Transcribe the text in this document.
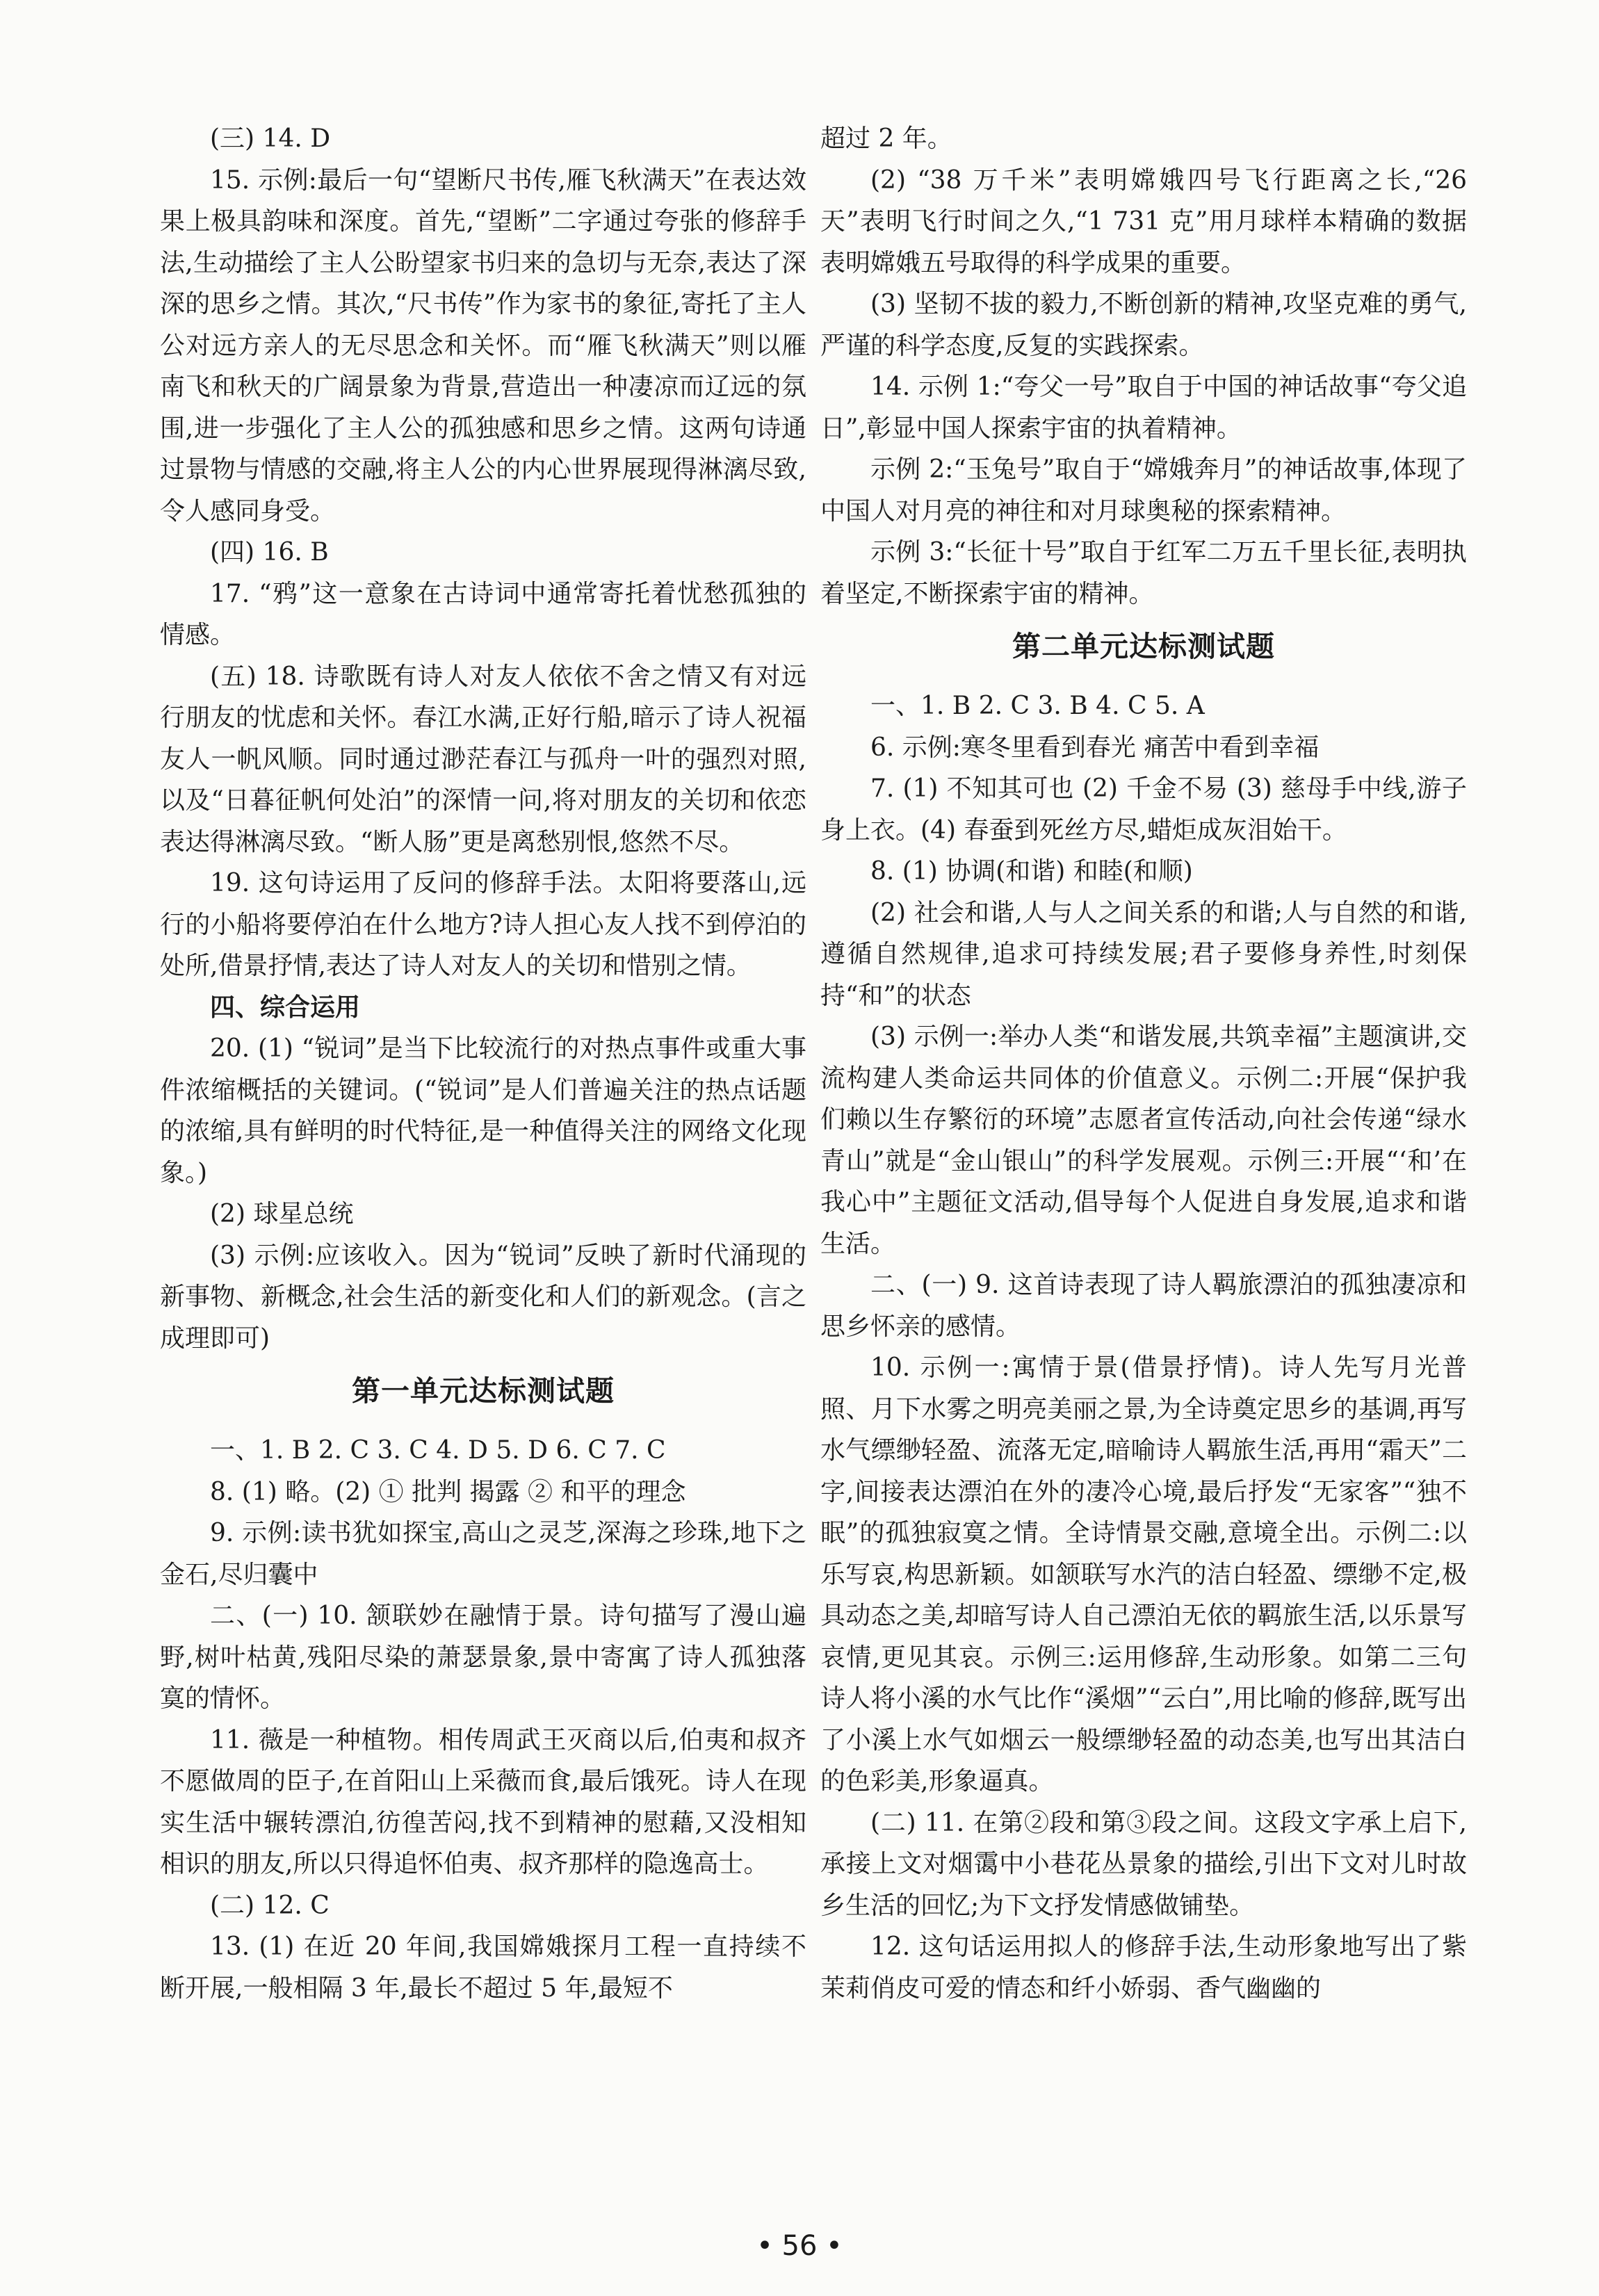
(三) 14. D

15. 示例:最后一句“望断尺书传,雁飞秋满天”在表达效果上极具韵味和深度。首先,“望断”二字通过夸张的修辞手法,生动描绘了主人公盼望家书归来的急切与无奈,表达了深深的思乡之情。其次,“尺书传”作为家书的象征,寄托了主人公对远方亲人的无尽思念和关怀。而“雁飞秋满天”则以雁南飞和秋天的广阔景象为背景,营造出一种凄凉而辽远的氛围,进一步强化了主人公的孤独感和思乡之情。这两句诗通过景物与情感的交融,将主人公的内心世界展现得淋漓尽致,令人感同身受。

(四) 16. B

17. “鸦”这一意象在古诗词中通常寄托着忧愁孤独的情感。

(五) 18. 诗歌既有诗人对友人依依不舍之情又有对远行朋友的忧虑和关怀。春江水满,正好行船,暗示了诗人祝福友人一帆风顺。同时通过渺茫春江与孤舟一叶的强烈对照,以及“日暮征帆何处泊”的深情一问,将对朋友的关切和依恋表达得淋漓尽致。“断人肠”更是离愁别恨,悠然不尽。

19. 这句诗运用了反问的修辞手法。太阳将要落山,远行的小船将要停泊在什么地方?诗人担心友人找不到停泊的处所,借景抒情,表达了诗人对友人的关切和惜别之情。

四、综合运用

20. (1) “锐词”是当下比较流行的对热点事件或重大事件浓缩概括的关键词。(“锐词”是人们普遍关注的热点话题的浓缩,具有鲜明的时代特征,是一种值得关注的网络文化现象。)

(2) 球星总统

(3) 示例:应该收入。因为“锐词”反映了新时代涌现的新事物、新概念,社会生活的新变化和人们的新观念。(言之成理即可)

第一单元达标测试题

一、1. B 2. C 3. C 4. D 5. D 6. C 7. C

8. (1) 略。(2) ① 批判 揭露 ② 和平的理念

9. 示例:读书犹如探宝,高山之灵芝,深海之珍珠,地下之金石,尽归囊中

二、(一) 10. 颔联妙在融情于景。诗句描写了漫山遍野,树叶枯黄,残阳尽染的萧瑟景象,景中寄寓了诗人孤独落寞的情怀。

11. 薇是一种植物。相传周武王灭商以后,伯夷和叔齐不愿做周的臣子,在首阳山上采薇而食,最后饿死。诗人在现实生活中辗转漂泊,彷徨苦闷,找不到精神的慰藉,又没相知相识的朋友,所以只得追怀伯夷、叔齐那样的隐逸高士。

(二) 12. C

13. (1) 在近 20 年间,我国嫦娥探月工程一直持续不断开展,一般相隔 3 年,最长不超过 5 年,最短不

超过 2 年。

(2) “38 万千米”表明嫦娥四号飞行距离之长,“26 天”表明飞行时间之久,“1 731 克”用月球样本精确的数据表明嫦娥五号取得的科学成果的重要。

(3) 坚韧不拔的毅力,不断创新的精神,攻坚克难的勇气,严谨的科学态度,反复的实践探索。

14. 示例 1:“夸父一号”取自于中国的神话故事“夸父追日”,彰显中国人探索宇宙的执着精神。

示例 2:“玉兔号”取自于“嫦娥奔月”的神话故事,体现了中国人对月亮的神往和对月球奥秘的探索精神。

示例 3:“长征十号”取自于红军二万五千里长征,表明执着坚定,不断探索宇宙的精神。

第二单元达标测试题

一、1. B 2. C 3. B 4. C 5. A

6. 示例:寒冬里看到春光 痛苦中看到幸福

7. (1) 不知其可也 (2) 千金不易 (3) 慈母手中线,游子身上衣。(4) 春蚕到死丝方尽,蜡炬成灰泪始干。

8. (1) 协调(和谐) 和睦(和顺)

(2) 社会和谐,人与人之间关系的和谐;人与自然的和谐,遵循自然规律,追求可持续发展;君子要修身养性,时刻保持“和”的状态

(3) 示例一:举办人类“和谐发展,共筑幸福”主题演讲,交流构建人类命运共同体的价值意义。示例二:开展“保护我们赖以生存繁衍的环境”志愿者宣传活动,向社会传递“绿水青山”就是“金山银山”的科学发展观。示例三:开展“‘和’在我心中”主题征文活动,倡导每个人促进自身发展,追求和谐生活。

二、(一) 9. 这首诗表现了诗人羁旅漂泊的孤独凄凉和思乡怀亲的感情。

10. 示例一:寓情于景(借景抒情)。诗人先写月光普照、月下水雾之明亮美丽之景,为全诗奠定思乡的基调,再写水气缥缈轻盈、流落无定,暗喻诗人羁旅生活,再用“霜天”二字,间接表达漂泊在外的凄冷心境,最后抒发“无家客”“独不眠”的孤独寂寞之情。全诗情景交融,意境全出。示例二:以乐写哀,构思新颖。如颔联写水汽的洁白轻盈、缥缈不定,极具动态之美,却暗写诗人自己漂泊无依的羁旅生活,以乐景写哀情,更见其哀。示例三:运用修辞,生动形象。如第二三句诗人将小溪的水气比作“溪烟”“云白”,用比喻的修辞,既写出了小溪上水气如烟云一般缥缈轻盈的动态美,也写出其洁白的色彩美,形象逼真。

(二) 11. 在第②段和第③段之间。这段文字承上启下,承接上文对烟霭中小巷花丛景象的描绘,引出下文对儿时故乡生活的回忆;为下文抒发情感做铺垫。

12. 这句话运用拟人的修辞手法,生动形象地写出了紫茉莉俏皮可爱的情态和纤小娇弱、香气幽幽的

• 56 •
